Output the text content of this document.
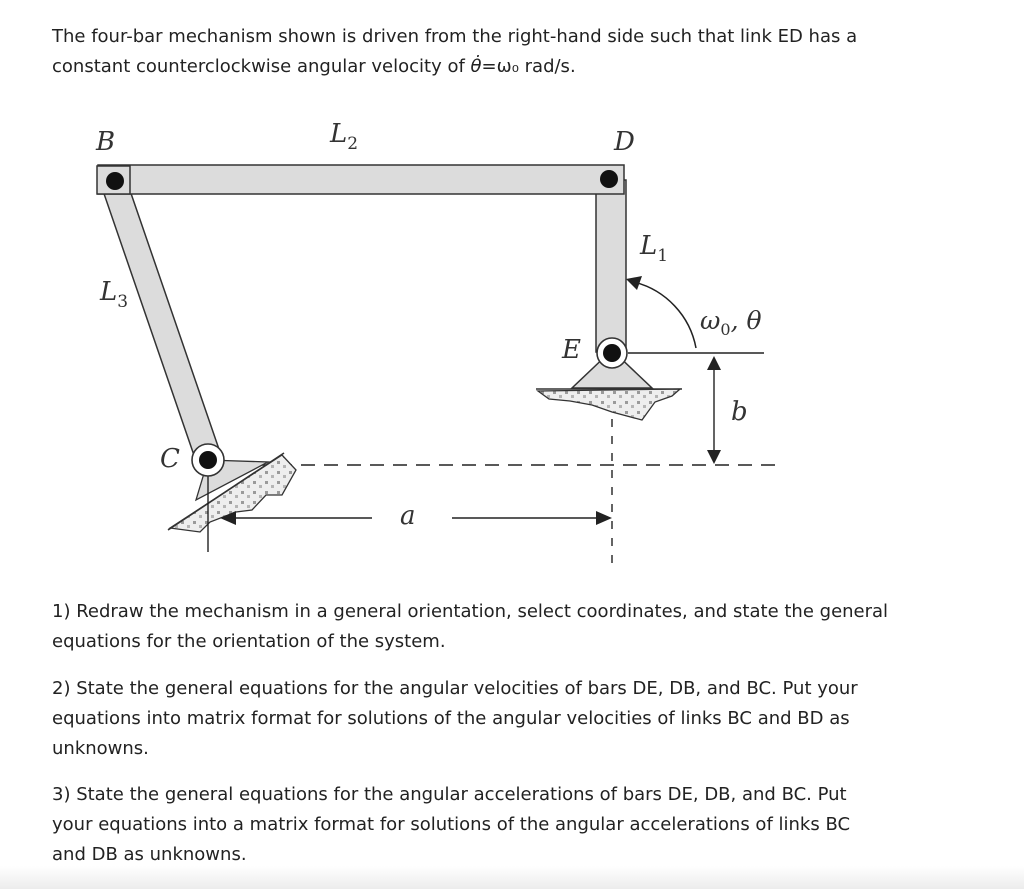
The four-bar mechanism shown is driven from the right-hand side such that link ED has a
constant counterclockwise angular velocity of θ̇=ω₀ rad/s.

B	$L_2$	D
$L_1$
$L_3$
$\omega_0$, θ
E
b
C
a

1) Redraw the mechanism in a general orientation, select coordinates, and state the general
equations for the orientation of the system.

2) State the general equations for the angular velocities of bars DE, DB, and BC. Put your
equations into matrix format for solutions of the angular velocities of links BC and BD as
unknowns.

3) State the general equations for the angular accelerations of bars DE, DB, and BC. Put
your equations into a matrix format for solutions of the angular accelerations of links BC
and DB as unknowns.
